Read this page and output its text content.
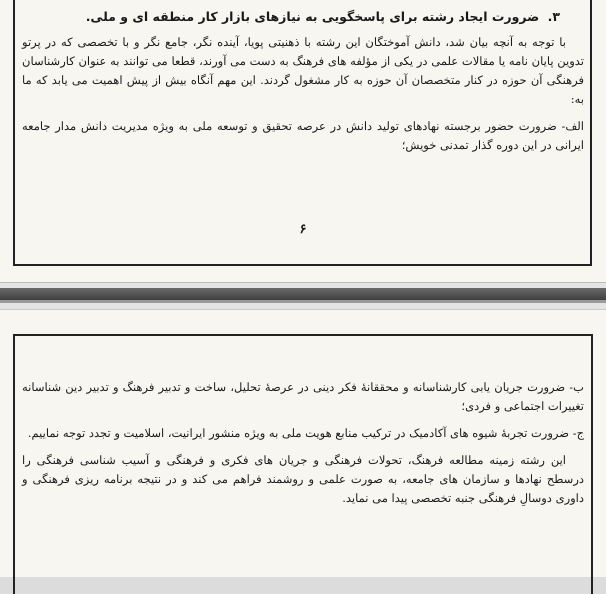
۳. ضرورت ایجاد رشته برای پاسخگویی به نیازهای بازار کار منطقه ای و ملی.

با توجه به آنچه بیان شد، دانش آموختگان این رشته با ذهنیتی پویا، آینده نگر، جامع نگر و با تخصصی که در پرتو تدوین پایان نامه یا مقالات علمی در یکی از مؤلفه های فرهنگ به دست می آورند، قطعا می توانند به عنوان کارشناسان فرهنگی آن حوزه در کنار متخصصان آن حوزه به کار مشغول گردند. این مهم آنگاه بیش از پیش اهمیت می یابد که ما به:

الف- ضرورت حضور برجسته نهادهای تولید دانش در عرصه تحقیق و توسعه ملی به ویژه مدیریت دانش مدار جامعه ایرانی در این دوره گذار تمدنی خویش؛

۶

ب- ضرورت جریان یابی کارشناسانه و محققانهٔ فکر دینی در عرصهٔ تحلیل، ساخت و تدبیر فرهنگ و تدبیر دین شناسانه تغییرات اجتماعی و فردی؛

ج- ضرورت تجربهٔ شیوه های آکادمیک در ترکیب منابع هویت ملی به ویژه منشور ایرانیت، اسلامیت و تجدد توجه نماییم.

این رشته زمینه مطالعه فرهنگ، تحولات فرهنگی و جریان های فکری و فرهنگی و آسیب شناسی فرهنگی را درسطح نهادها و سازمان های جامعه، به صورت علمی و روشمند فراهم می کند و در نتیجه برنامه ریزی فرهنگی و داوری دوسالِ فرهنگی جنبه تخصصی پیدا می نماید.
